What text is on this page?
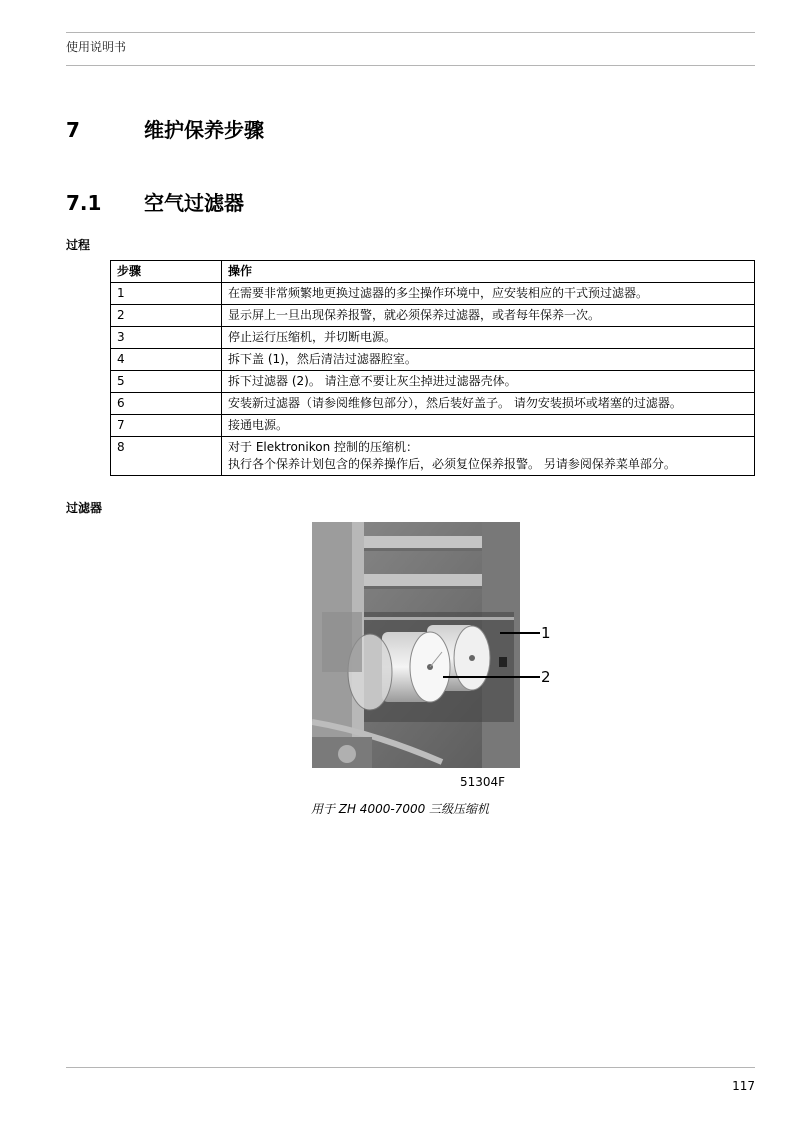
使用说明书
7	维护保养步骤
7.1 空气过滤器
过程
步骤	操作
1	在需要非常频繁地更换过滤器的多尘操作环境中，应安装相应的干式预过滤器。
2	显示屏上一旦出现保养报警，就必须保养过滤器，或者每年保养一次。
3	停止运行压缩机，并切断电源。
4	拆下盖 (1)，然后清洁过滤器腔室。
5	拆下过滤器 (2)。 请注意不要让灰尘掉进过滤器壳体。
6	安装新过滤器（请参阅维修包部分），然后装好盖子。 请勿安装损坏或堵塞的过滤器。
7	接通电源。
8	对于 Elektronikon 控制的压缩机：
执行各个保养计划包含的保养操作后，必须复位保养报警。 另请参阅保养菜单部分。
过滤器
1
2
51304F
用于 ZH 4000-7000 三级压缩机
117
